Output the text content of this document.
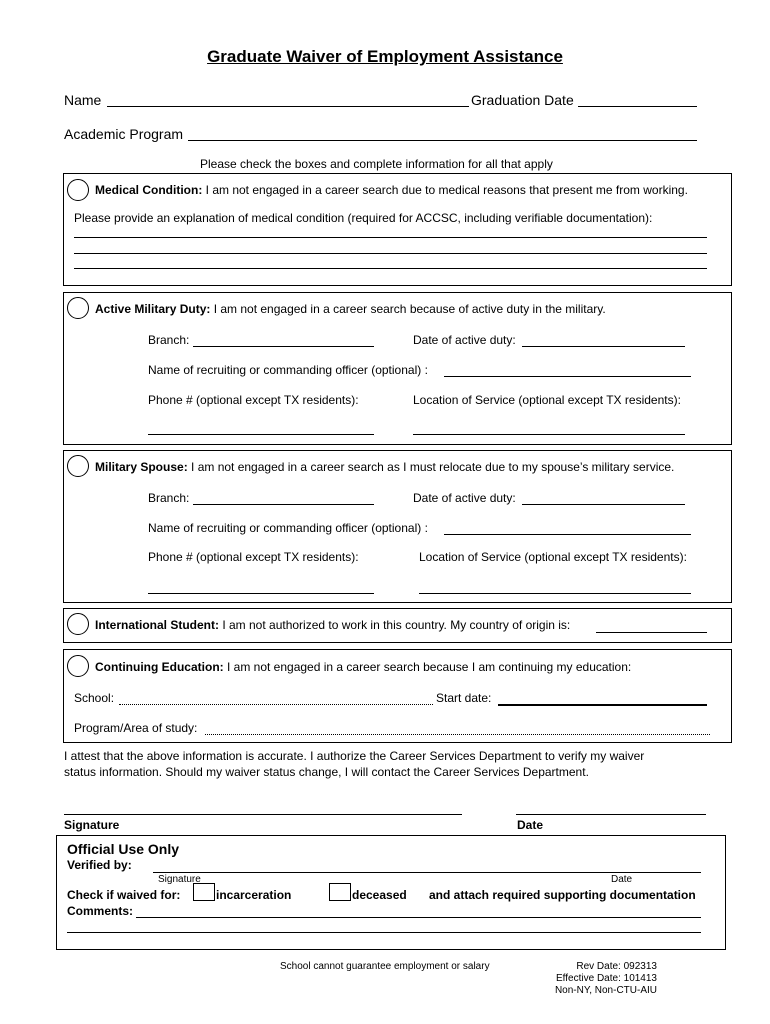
Graduate Waiver of Employment Assistance
Name	Graduation Date
Academic Program
Please check the boxes and complete information for all that apply
Medical Condition: I am not engaged in a career search due to medical reasons that present me from working.
Please provide an explanation of medical condition (required for ACCSC, including verifiable documentation):
Active Military Duty: I am not engaged in a career search because of active duty in the military.
Branch:	Date of active duty:
Name of recruiting or commanding officer (optional) :
Phone # (optional except TX residents):	Location of Service (optional except TX residents):
Military Spouse: I am not engaged in a career search as I must relocate due to my spouse’s military service.
Branch:	Date of active duty:
Name of recruiting or commanding officer (optional) :
Phone # (optional except TX residents):	Location of Service (optional except TX residents):
International Student: I am not authorized to work in this country. My country of origin is:
Continuing Education: I am not engaged in a career search because I am continuing my education:
School:	Start date:
Program/Area of study:
I attest that the above information is accurate. I authorize the Career Services Department to verify my waiver
status information. Should my waiver status change, I will contact the Career Services Department.
Signature	Date
Official Use Only
Verified by:
Signature	Date
Check if waived for:	incarceration	deceased and attach required supporting documentation
Comments:
School cannot guarantee employment or salary	Rev Date: 092313
Effective Date: 101413
Non-NY, Non-CTU-AIU
